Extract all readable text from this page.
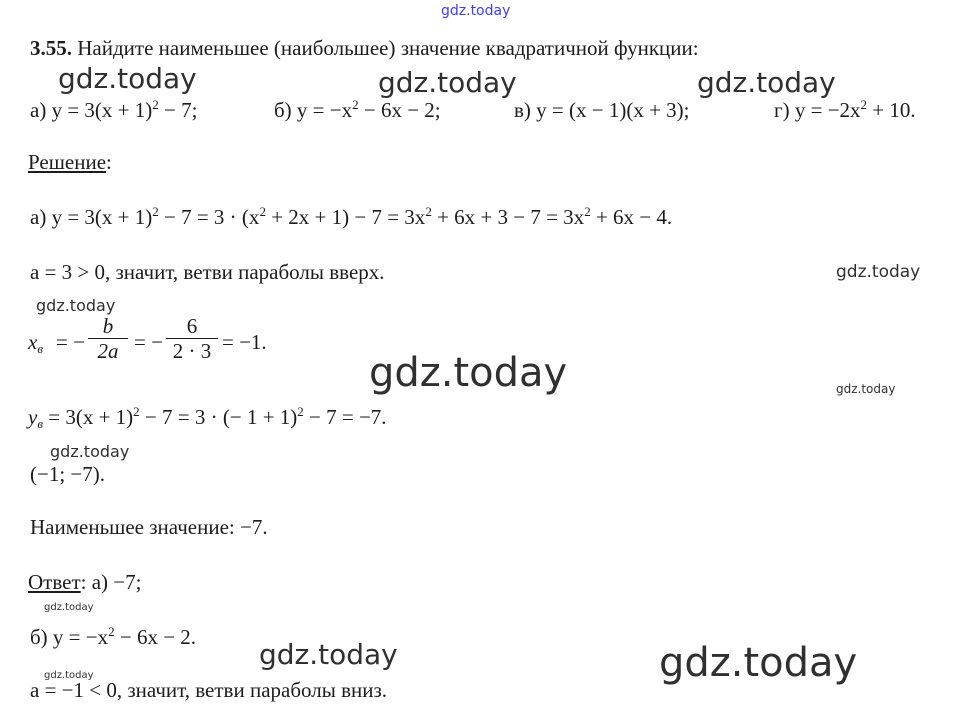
gdz.today
gdz.today	gdz.today	gdz.today
gdz.today
gdz.today
gdz.today	gdz.today
gdz.today
gdz.today
gdz.today	gdz.today
gdz.today
3.55. Найдите наименьшее (наибольшее) значение квадратичной функции:
а) $y = 3(x + 1)^2 - 7$;	б) $y = -x^2 - 6x - 2$;	в) y = (x − 1)(x + 3);	г) $y = -2x^2 + 10$.
Решение:
а) $y = 3(x + 1)^2 - 7 = 3 \cdot (x^2 + 2x + 1) - 7 = 3x^2 + 6x + 3 - 7 = 3x^2 + 6x - 4$.
a = 3 > 0, значит, ветви параболы вверх.
$x_в$ = − $\frac{b}{2a}$ = − $\frac{6}{2 \cdot 3} = -1$.
$y_в = 3(x + 1)^2 - 7 = 3$ · (− 1 + 1)$^2$ − 7 = −7.
(−1; −7).
Наименьшее значение: −7.
Ответ: а) −7;
б) $y = -x^2 - 6x - 2$.
a = −1 < 0, значит, ветви параболы вниз.
